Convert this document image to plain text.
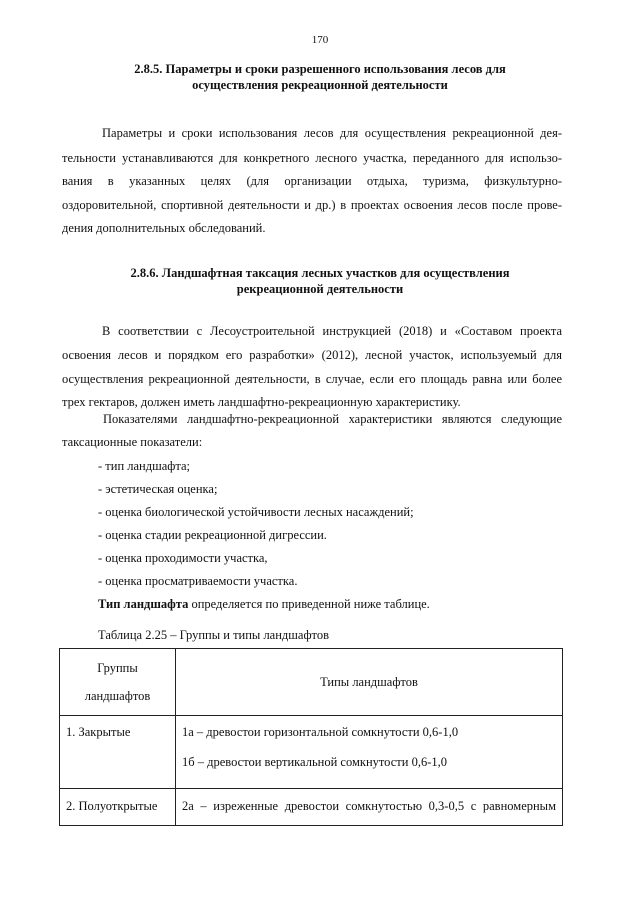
170
2.8.5. Параметры и сроки разрешенного использования лесов для
осуществления рекреационной деятельности
Параметры и сроки использования лесов для осуществления рекреационной дея-
тельности устанавливаются для конкретного лесного участка, переданного для использо-
вания в указанных целях (для организации отдыха, туризма, физкультурно-
оздоровительной, спортивной деятельности и др.) в проектах освоения лесов после прове-
дения дополнительных обследований.
2.8.6. Ландшафтная таксация лесных участков для осуществления
рекреационной деятельности
В соответствии с Лесоустроительной инструкцией (2018) и «Составом проекта
освоения лесов и порядком его разработки» (2012), лесной участок, используемый для
осуществления рекреационной деятельности, в случае, если его площадь равна или более
трех гектаров, должен иметь ландшафтно-рекреационную характеристику.
Показателями ландшафтно-рекреационной характеристики являются следующие
таксационные показатели:
- тип ландшафта;
- эстетическая оценка;
- оценка биологической устойчивости лесных насаждений;
- оценка стадии рекреационной дигрессии.
- оценка проходимости участка,
- оценка просматриваемости участка.
Тип ландшафта определяется по приведенной ниже таблице.
Таблица 2.25 – Группы и типы ландшафтов
Группы
ландшафтов	Типы ландшафтов

1. Закрытые	1а – древостои горизонтальной сомкнутости 0,6-1,0
1б – древостои вертикальной сомкнутости 0,6-1,0

2. Полуоткрытые	2а – изреженные древостои сомкнутостью 0,3-0,5 с равномерным
